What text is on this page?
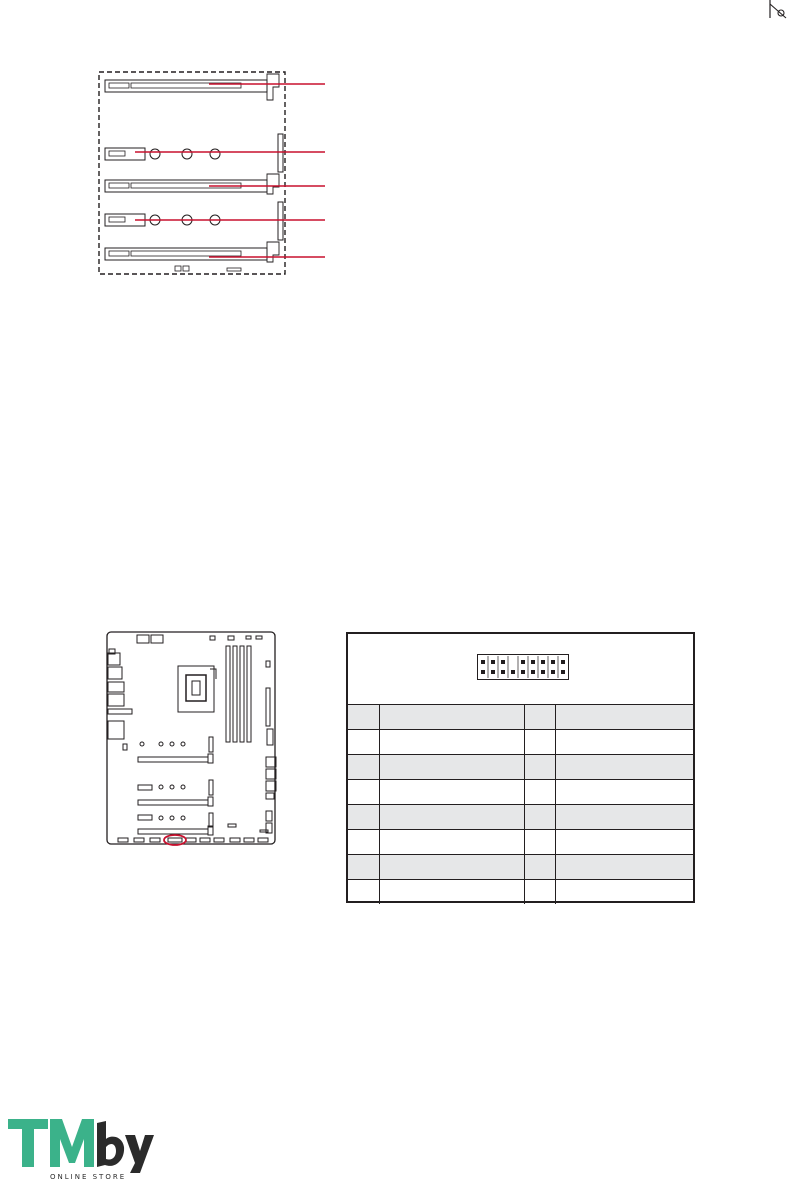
ONLINE STORE
